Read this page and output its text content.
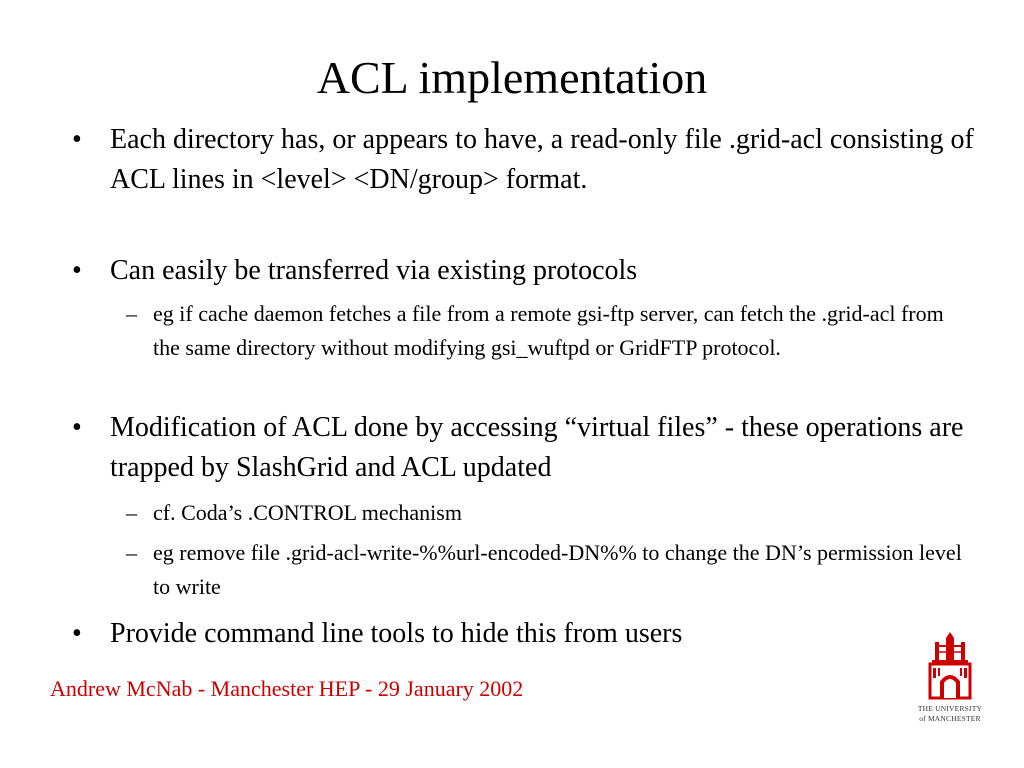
ACL implementation
• Each directory has, or appears to have, a read-only file .grid-acl consisting of ACL lines in <level> <DN/group> format.
• Can easily be transferred via existing protocols
– eg if cache daemon fetches a file from a remote gsi-ftp server, can fetch the .grid-acl from the same directory without modifying gsi_wuftpd or GridFTP protocol.
• Modification of ACL done by accessing “virtual files” - these operations are trapped by SlashGrid and ACL updated
– cf. Coda’s .CONTROL mechanism
– eg remove file .grid-acl-write-%%url-encoded-DN%% to change the DN’s permission level to write
• Provide command line tools to hide this from users
Andrew McNab - Manchester HEP - 29 January 2002
THE UNIVERSITY
of MANCHESTER
